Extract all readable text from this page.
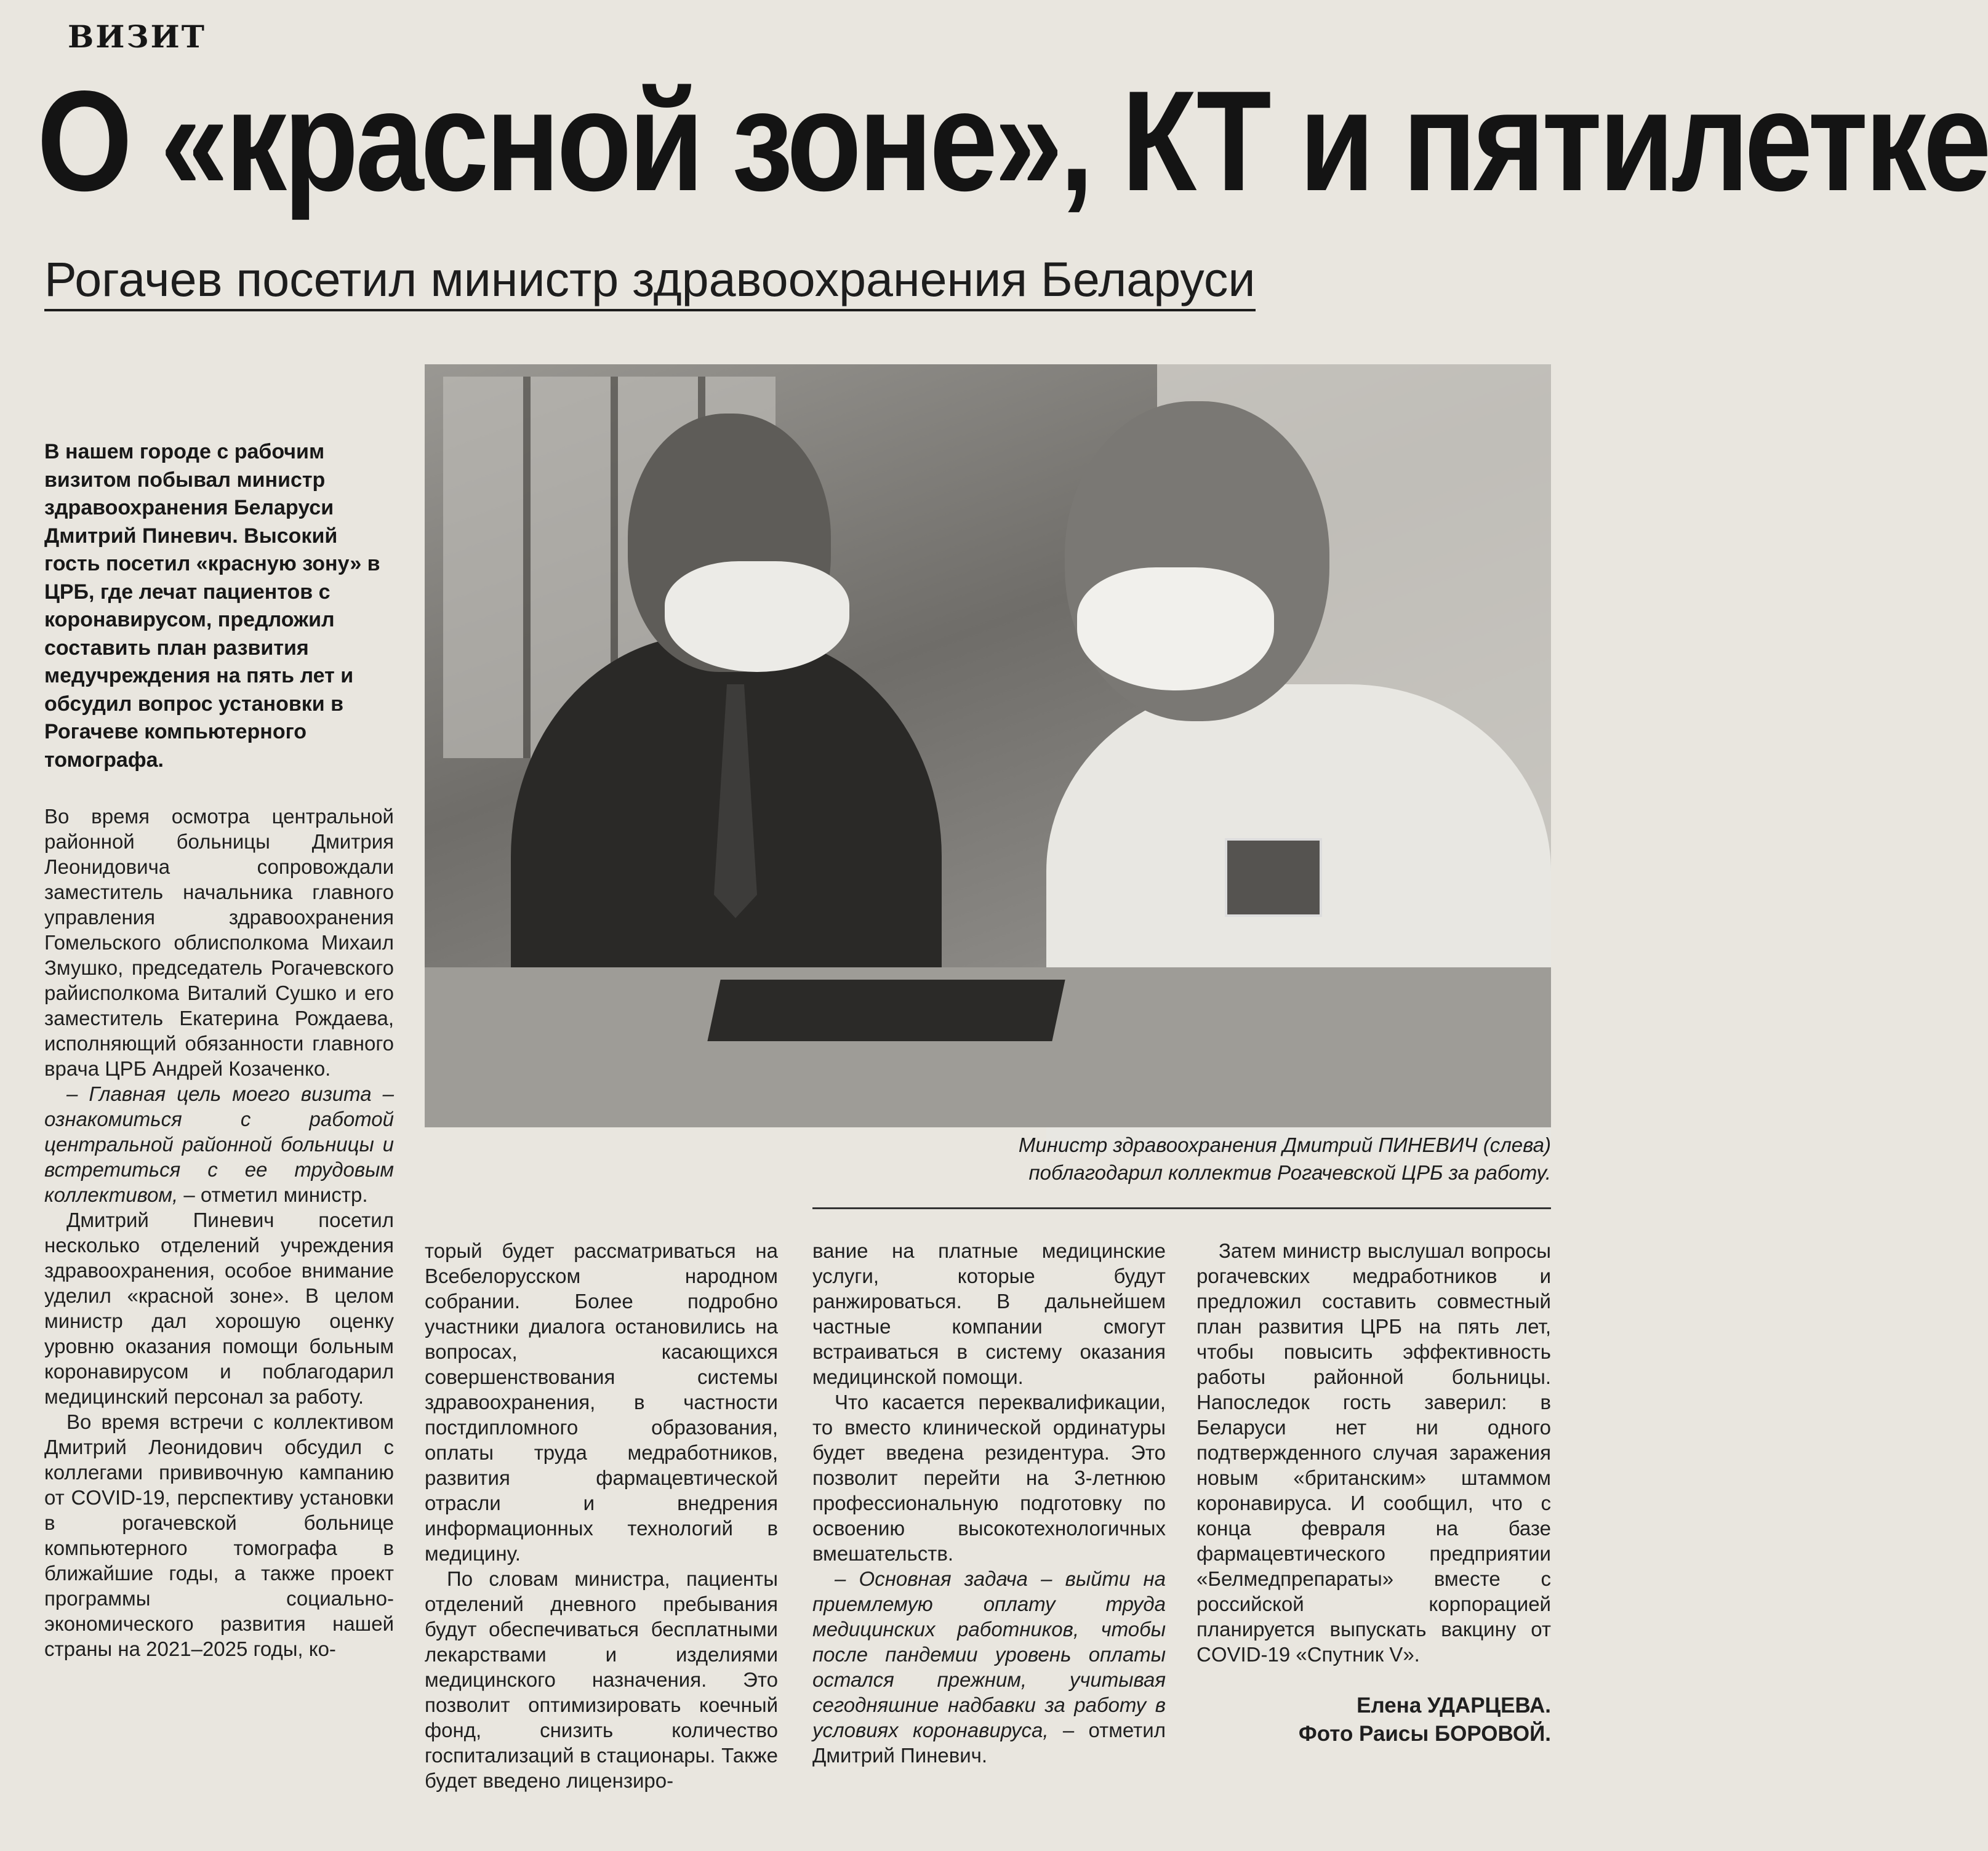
ВИЗИТ
О «красной зоне», КТ и пятилетке
Рогачев посетил министр здравоохранения Беларуси
В нашем городе с рабочим визитом побывал министр здравоохранения Беларуси Дмитрий Пиневич. Высокий гость посетил «красную зону» в ЦРБ, где лечат пациентов с коронавирусом, предложил составить план развития медучреждения на пять лет и обсудил вопрос установки в Рогачеве компьютерного томографа.
Министр здравоохранения Дмитрий ПИНЕВИЧ (слева)
поблагодарил коллектив Рогачевской ЦРБ за работу.

Во время осмотра центральной районной больницы Дмитрия Леонидовича сопровождали заместитель начальника главного управления здравоохранения Гомельского облисполкома Михаил Змушко, председатель Рогачевского райисполкома Виталий Сушко и его заместитель Екатерина Рождаева, исполняющий обязанности главного врача ЦРБ Андрей Козаченко.

– Главная цель моего визита – ознакомиться с работой центральной районной больницы и встретиться с ее трудовым коллективом, – отметил министр.

Дмитрий Пиневич посетил несколько отделений учреждения здравоохранения, особое внимание уделил «красной зоне». В целом министр дал хорошую оценку уровню оказания помощи больным коронавирусом и поблагодарил медицинский персонал за работу.

Во время встречи с коллективом Дмитрий Леонидович обсудил с коллегами прививочную кампанию от COVID-19, перспективу установки в рогачевской больнице компьютерного томографа в ближайшие годы, а также проект программы социально-экономического развития нашей страны на 2021–2025 годы, ко-

торый будет рассматриваться на Всебелорусском народном собрании. Более подробно участники диалога остановились на вопросах, касающихся совершенствования системы здравоохранения, в частности постдипломного образования, оплаты труда медработников, развития фармацевтической отрасли и внедрения информационных технологий в медицину.

По словам министра, пациенты отделений дневного пребывания будут обеспечиваться бесплатными лекарствами и изделиями медицинского назначения. Это позволит оптимизировать коечный фонд, снизить количество госпитализаций в стационары. Также будет введено лицензиро-

вание на платные медицинские услуги, которые будут ранжироваться. В дальнейшем частные компании смогут встраиваться в систему оказания медицинской помощи.

Что касается переквалификации, то вместо клинической ординатуры будет введена резидентура. Это позволит перейти на 3-летнюю профессиональную подготовку по освоению высокотехнологичных вмешательств.

– Основная задача – выйти на приемлемую оплату труда медицинских работников, чтобы после пандемии уровень оплаты остался прежним, учитывая сегодняшние надбавки за работу в условиях коронавируса, – отметил Дмитрий Пиневич.

Затем министр выслушал вопросы рогачевских медработников и предложил составить совместный план развития ЦРБ на пять лет, чтобы повысить эффективность работы районной больницы. Напоследок гость заверил: в Беларуси нет ни одного подтвержденного случая заражения новым «британским» штаммом коронавируса. И сообщил, что с конца февраля на базе фармацевтического предприятии «Белмедпрепараты» вместе с российской корпорацией планируется выпускать вакцину от COVID-19 «Спутник V».

Елена УДАРЦЕВА.
Фото Раисы БОРОВОЙ.
